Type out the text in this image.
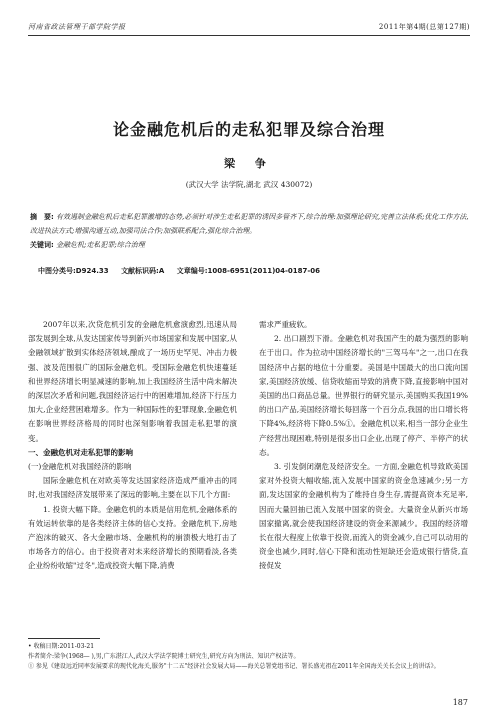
河南省政法管理干部学院学报	2011年第4期(总第127期)
论金融危机后的走私犯罪及综合治理
梁 争
(武汉大学 法学院,湖北 武汉 430072)
摘　要: 有效遏制金融危机后走私犯罪激增的态势,必须针对涉生走私犯罪的诱因多管齐下,综合治理:加强理论研究,完善立法体系;优化工作方法,改进执法方式;增强沟通互动,加强司法合作;加强联系配合,强化综合治理。
关键词: 金融危机;走私犯罪;综合治理
中图分类号:D924.33 文献标识码:A 文章编号:1008-6951(2011)04-0187-06

2007年以来,次贷危机引发的金融危机愈演愈烈,迅速从局部发展到全球,从发达国家传导到新兴市场国家和发展中国家,从金融领域扩散到实体经济领域,酿成了一场历史罕见、冲击力极强、波及范围很广的国际金融危机。受国际金融危机快速蔓延和世界经济增长明显减速的影响,加上我国经济生活中尚未解决的深层次矛盾和问题,我国经济运行中的困难增加,经济下行压力加大,企业经营困难增多。作为一种国际性的犯罪现象,金融危机在影响世界经济格局的同时也深刻影响着我国走私犯罪的演变。

一、金融危机对走私犯罪的影响

(一)金融危机对我国经济的影响

国际金融危机在对欧美等发达国家经济造成严重冲击的同时,也对我国经济发展带来了深远的影响,主要在以下几个方面:

1. 投资大幅下降。金融危机的本质是信用危机,金融体系的有效运转依靠的是各类经济主体的信心支持。金融危机下,房地产泡沫的破灭、各大金融市场、金融机构的崩溃极大地打击了市场各方的信心。由于投资者对未来经济增长的预期看淡,各类企业纷纷收缩"过冬",造成投资大幅下降,消费

需求严重疲软。

2. 出口剧烈下滑。金融危机对我国产生的最为强烈的影响在于出口。作为拉动中国经济增长的"三驾马车"之一,出口在我国经济中占据的地位十分重要。美国是中国最大的出口流向国家,美国经济放缓、信贷收缩而导致的消费下降,直接影响中国对美国的出口商品总量。世界银行的研究显示,美国购买我国19%的出口产品,美国经济增长每回落一个百分点,我国的出口增长将下降4%,经济将下降0.5%①。金融危机以来,相当一部分企业生产经营出现困难,特别是很多出口企业,出现了停产、半停产的状态。

3. 引发倒闭潮危及经济安全。一方面,金融危机导致欧美国家对外投资大幅收缩,流入发展中国家的资金急速减少;另一方面,发达国家的金融机构为了维持自身生存,需提高资本充足率,因而大量回抽已流入发展中国家的资金。大量资金从新兴市场国家撤离,就会使我国经济建设的资金来源减少。我国的经济增长在很大程度上依靠于投资,而流入的资金减少,自己可以动用的资金也减少,同时,信心下降和流动性短缺还会造成银行惜贷,直接促发

• 收稿日期:2011-03-21

作者简介:梁争(1968— ),男,广东湛江人,武汉大学法学院博士研究生,研究方向为刑法、知识产权法等。

① 参见《建设远近同率发展要求的现代化海关,服务"十二五"经济社会发展大局——海关总署党组书记、署长盛光祖在2011年全国海关关长会议上的讲话》。

187
